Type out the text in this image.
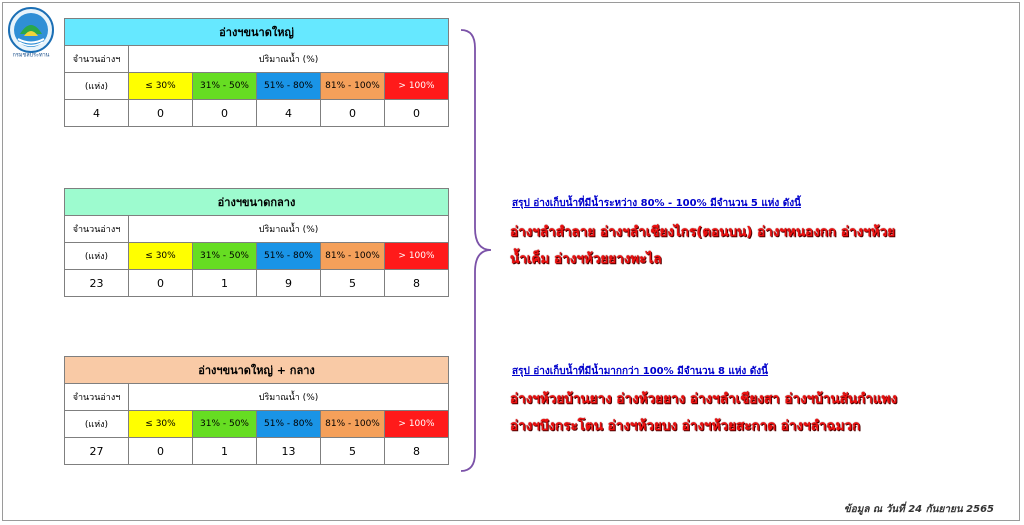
กรมชลประทาน
อ่างฯขนาดใหญ่					
จำนวนอ่างฯ	ปริมาณน้ำ (%)				
(แห่ง)	≤ 30%	31% - 50%	51% - 80%	81% - 100%	> 100%
4	0	0	4	0	0
อ่างฯขนาดกลาง					
จำนวนอ่างฯ	ปริมาณน้ำ (%)				
(แห่ง)	≤ 30%	31% - 50%	51% - 80%	81% - 100%	> 100%
23	0	1	9	5	8
อ่างฯขนาดใหญ่ + กลาง					
จำนวนอ่างฯ	ปริมาณน้ำ (%)				
(แห่ง)	≤ 30%	31% - 50%	51% - 80%	81% - 100%	> 100%
27	0	1	13	5	8
สรุป อ่างเก็บน้ำที่มีน้ำระหว่าง 80% - 100% มีจำนวน 5 แห่ง ดังนี้
อ่างฯลำสำลาย อ่างฯลำเชียงไกร(ตอนบน) อ่างฯหนองกก อ่างฯห้วย
น้ำเค็ม อ่างฯห้วยยางพะไล
สรุป อ่างเก็บน้ำที่มีน้ำมากกว่า 100% มีจำนวน 8 แห่ง ดังนี้
อ่างฯห้วยบ้านยาง อ่างห้วยยาง อ่างฯลำเชียงสา อ่างฯบ้านสันกำแพง
อ่างฯบึงกระโตน อ่างฯห้วยบง อ่างฯห้วยสะกาด อ่างฯลำฉมวก
ข้อมูล ณ วันที่ 24 กันยายน 2565
